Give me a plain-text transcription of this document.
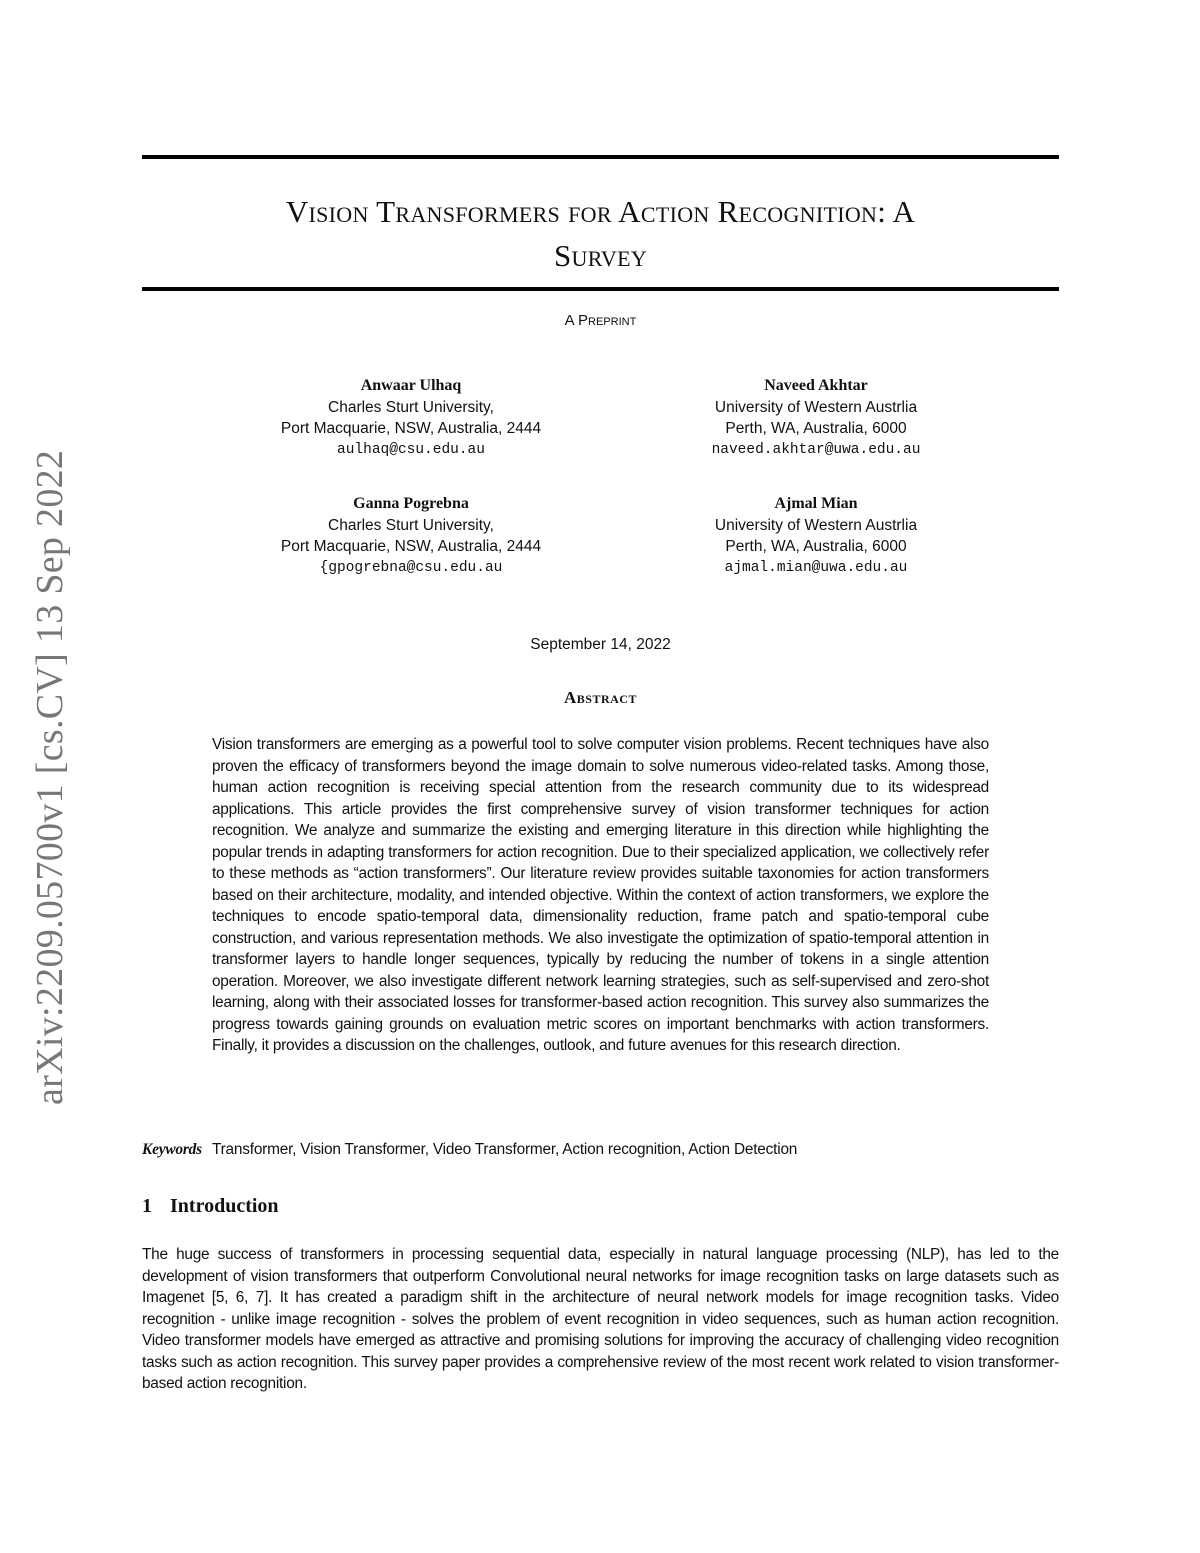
arXiv:2209.05700v1 [cs.CV] 13 Sep 2022
Vision Transformers for Action Recognition: A
Survey
A Preprint
Anwaar Ulhaq
Charles Sturt University,
Port Macquarie, NSW, Australia, 2444
aulhaq@csu.edu.au
Naveed Akhtar
University of Western Austrlia
Perth, WA, Australia, 6000
naveed.akhtar@uwa.edu.au
Ganna Pogrebna
Charles Sturt University,
Port Macquarie, NSW, Australia, 2444
{gpogrebna@csu.edu.au
Ajmal Mian
University of Western Austrlia
Perth, WA, Australia, 6000
ajmal.mian@uwa.edu.au
September 14, 2022
Abstract
Vision transformers are emerging as a powerful tool to solve computer vision problems. Recent techniques have also proven the efficacy of transformers beyond the image domain to solve numerous video-related tasks. Among those, human action recognition is receiving special attention from the research community due to its widespread applications. This article provides the first comprehensive survey of vision transformer techniques for action recognition. We analyze and summarize the existing and emerging literature in this direction while highlighting the popular trends in adapting transformers for action recognition. Due to their specialized application, we collectively refer to these methods as “action transformers”. Our literature review provides suitable taxonomies for action transformers based on their architecture, modality, and intended objective. Within the context of action transformers, we explore the techniques to encode spatio-temporal data, dimensionality reduction, frame patch and spatio-temporal cube construction, and various representation methods. We also investigate the optimization of spatio-temporal attention in transformer layers to handle longer sequences, typically by reducing the number of tokens in a single attention operation. Moreover, we also investigate different network learning strategies, such as self-supervised and zero-shot learning, along with their associated losses for transformer-based action recognition. This survey also summarizes the progress towards gaining grounds on evaluation metric scores on important benchmarks with action transformers. Finally, it provides a discussion on the challenges, outlook, and future avenues for this research direction.
Keywords Transformer, Vision Transformer, Video Transformer, Action recognition, Action Detection
1 Introduction
The huge success of transformers in processing sequential data, especially in natural language processing (NLP), has led to the development of vision transformers that outperform Convolutional neural networks for image recognition tasks on large datasets such as Imagenet [5, 6, 7]. It has created a paradigm shift in the architecture of neural network models for image recognition tasks. Video recognition - unlike image recognition - solves the problem of event recognition in video sequences, such as human action recognition. Video transformer models have emerged as attractive and promising solutions for improving the accuracy of challenging video recognition tasks such as action recognition. This survey paper provides a comprehensive review of the most recent work related to vision transformer-based action recognition.
